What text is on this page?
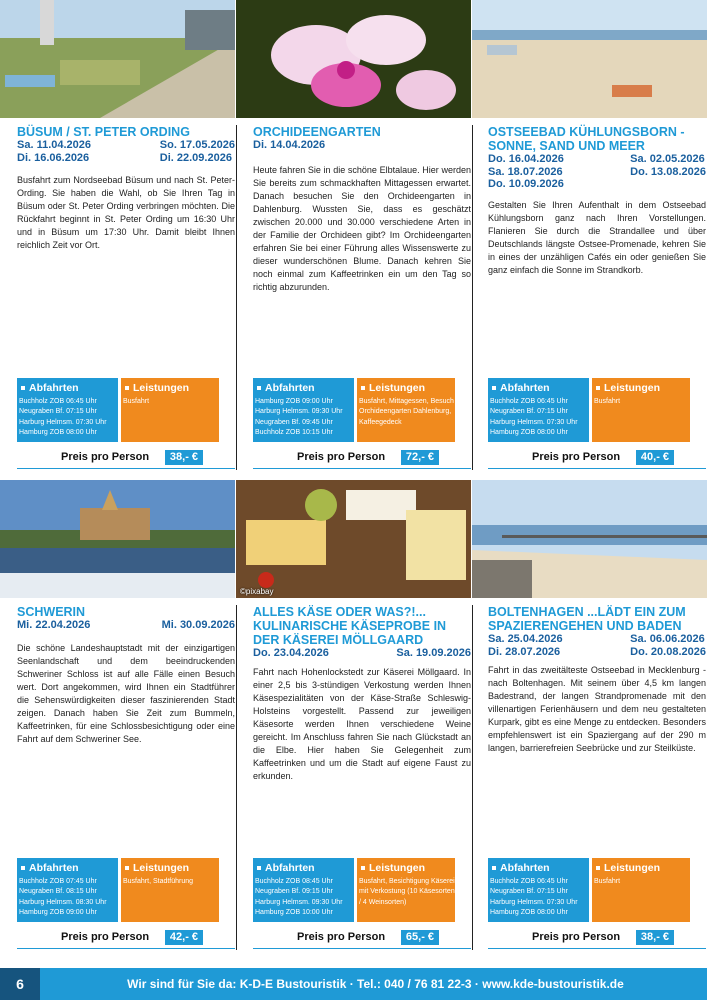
BÜSUM / ST. PETER ORDING
Sa. 11.04.2026	So. 17.05.2026
Di. 16.06.2026	Di. 22.09.2026

Busfahrt zum Nordseebad Büsum und nach St. Peter-Ording. Sie haben die Wahl, ob Sie Ihren Tag in Büsum oder St. Peter Ording verbringen möchten. Die Rückfahrt beginnt in St. Peter Ording um 16:30 Uhr und in Büsum um 17:30 Uhr. Damit bleibt Ihnen reichlich Zeit vor Ort.

ORCHIDEENGARTEN
Di. 14.04.2026

Heute fahren Sie in die schöne Elbtalaue. Hier werden Sie bereits zum schmackhaften Mittagessen erwartet. Danach besuchen Sie den Orchideengarten in Dahlenburg. Wussten Sie, dass es geschätzt zwischen 20.000 und 30.000 verschiedene Arten in der Familie der Orchideen gibt? Im Orchideengarten erfahren Sie bei einer Führung alles Wissenswerte zu dieser wunderschönen Blume. Danach kehren Sie noch einmal zum Kaffeetrinken ein um den Tag so richtig abzurunden.

OSTSEEBAD KÜHLUNGSBORN - SONNE, SAND UND MEER
Do. 16.04.2026	Sa. 02.05.2026
Sa. 18.07.2026	Do. 13.08.2026
Do. 10.09.2026

Gestalten Sie Ihren Aufenthalt in dem Ostseebad Kühlungsborn ganz nach Ihren Vorstellungen. Flanieren Sie durch die Strandallee und über Deutschlands längste Ostsee-Promenade, kehren Sie in eines der unzähligen Cafés ein oder genießen Sie ganz einfach die Sonne im Strandkorb.

Abfahrten
Buchholz ZOB 06:45 Uhr
Neugraben Bf. 07:15 Uhr
Harburg Helmsm. 07:30 Uhr
Hamburg ZOB 08:00 Uhr
Leistungen
Busfahrt
Abfahrten
Hamburg ZOB 09:00 Uhr
Harburg Helmsm. 09:30 Uhr
Neugraben Bf. 09:45 Uhr
Buchholz ZOB 10:15 Uhr
Leistungen
Busfahrt, Mittagessen, Besuch Orchideengarten Dahlenburg, Kaffeegedeck
Abfahrten
Buchholz ZOB 06:45 Uhr
Neugraben Bf. 07:15 Uhr
Harburg Helmsm. 07:30 Uhr
Hamburg ZOB 08:00 Uhr
Leistungen
Busfahrt
Preis pro Person	38,- €	Preis pro Person	72,- €	Preis pro Person	40,- €
©pixabay
SCHWERIN
Mi. 22.04.2026	Mi. 30.09.2026

Die schöne Landeshauptstadt mit der einzigartigen Seenlandschaft und dem beeindruckenden Schweriner Schloss ist auf alle Fälle einen Besuch wert. Dort angekommen, wird Ihnen ein Stadtführer die Sehenswürdigkeiten dieser faszinierenden Stadt zeigen. Danach haben Sie Zeit zum Bummeln, Kaffeetrinken, für eine Schlossbesichtigung oder eine Fahrt auf dem Schweriner See.

ALLES KÄSE ODER WAS?!... KULINARISCHE KÄSEPROBE IN DER KÄSEREI MÖLLGAARD
Do. 23.04.2026	Sa. 19.09.2026

Fahrt nach Hohenlockstedt zur Käserei Möllgaard. In einer 2,5 bis 3-stündigen Verkostung werden Ihnen Käsespezialitäten von der Käse-Straße Schleswig-Holsteins vorgestellt. Passend zur jeweiligen Käsesorte werden Ihnen verschiedene Weine gereicht. Im Anschluss fahren Sie nach Glückstadt an die Elbe. Hier haben Sie Gelegenheit zum Kaffeetrinken und um die Stadt auf eigene Faust zu erkunden.

BOLTENHAGEN ...LÄDT EIN ZUM SPAZIERENGEHEN UND BADEN
Sa. 25.04.2026	Sa. 06.06.2026
Di. 28.07.2026	Do. 20.08.2026

Fahrt in das zweitälteste Ostseebad in Mecklenburg - nach Boltenhagen. Mit seinem über 4,5 km langen Badestrand, der langen Strandpromenade mit den villenartigen Ferienhäusern und dem neu gestalteten Kurpark, gibt es eine Menge zu entdecken. Besonders empfehlenswert ist ein Spaziergang auf der 290 m langen, barrierefreien Seebrücke und zur Steilküste.

Abfahrten
Buchholz ZOB 07:45 Uhr
Neugraben Bf. 08:15 Uhr
Harburg Helmsm. 08:30 Uhr
Hamburg ZOB 09:00 Uhr
Leistungen
Busfahrt, Stadtführung
Abfahrten
Buchholz ZOB 08:45 Uhr
Neugraben Bf. 09:15 Uhr
Harburg Helmsm. 09:30 Uhr
Hamburg ZOB 10:00 Uhr
Leistungen
Busfahrt, Besichtigung Käserei mit Verkostung (10 Käsesorten / 4 Weinsorten)
Abfahrten
Buchholz ZOB 06:45 Uhr
Neugraben Bf. 07:15 Uhr
Harburg Helmsm. 07:30 Uhr
Hamburg ZOB 08:00 Uhr
Leistungen
Busfahrt
Preis pro Person	42,- €	Preis pro Person	65,- €	Preis pro Person	38,- €
6	Wir sind für Sie da: K-D-E Bustouristik · Tel.: 040 / 76 81 22-3 · www.kde-bustouristik.de
